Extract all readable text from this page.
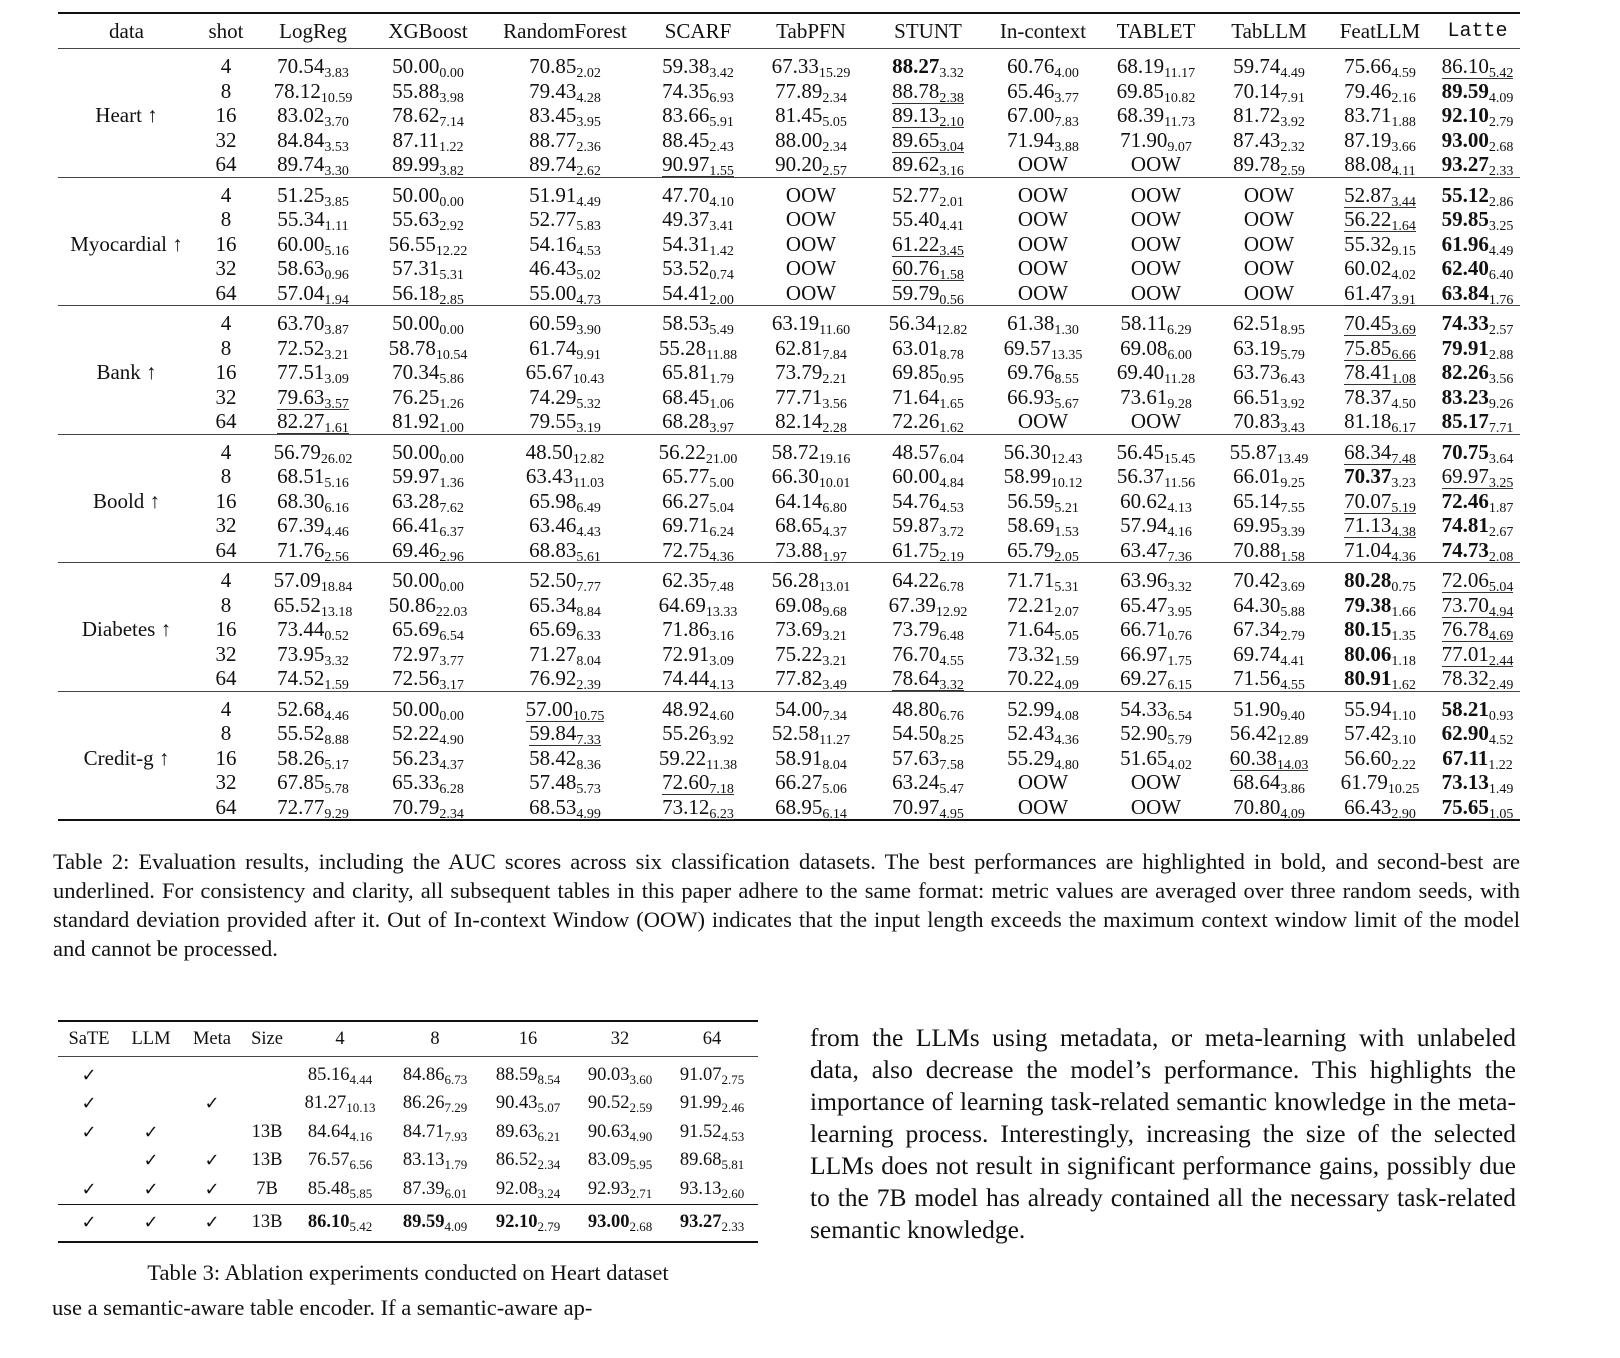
data	shot	LogReg	XGBoost	RandomForest	SCARF	TabPFN	STUNT	In-context	TABLET	TabLLM	FeatLLM	Latte
Heart ↑	4	$70.54_{3.83}$	$50.00_{0.00}$	$70.85_{2.02}$	$59.38_{3.42}$	$67.33_{15.29}$	$88.27_{3.32}$	$60.76_{4.00}$	$68.19_{11.17}$	$59.74_{4.49}$	$75.66_{4.59}$	$86.10_{5.42}$
	8	$78.12_{10.59}$	$55.88_{3.98}$	$79.43_{4.28}$	$74.35_{6.93}$	$77.89_{2.34}$	$88.78_{2.38}$	$65.46_{3.77}$	$69.85_{10.82}$	$70.14_{7.91}$	$79.46_{2.16}$	$89.59_{4.09}$
	16	$83.02_{3.70}$	$78.62_{7.14}$	$83.45_{3.95}$	$83.66_{5.91}$	$81.45_{5.05}$	$89.13_{2.10}$	$67.00_{7.83}$	$68.39_{11.73}$	$81.72_{3.92}$	$83.71_{1.88}$	$92.10_{2.79}$
	32	$84.84_{3.53}$	$87.11_{1.22}$	$88.77_{2.36}$	$88.45_{2.43}$	$88.00_{2.34}$	$89.65_{3.04}$	$71.94_{3.88}$	$71.90_{9.07}$	$87.43_{2.32}$	$87.19_{3.66}$	$93.00_{2.68}$
	64	$89.74_{3.30}$	$89.99_{3.82}$	$89.74_{2.62}$	$90.97_{1.55}$	$90.20_{2.57}$	$89.62_{3.16}$	OOW	OOW	$89.78_{2.59}$	$88.08_{4.11}$	$93.27_{2.33}$
Myocardial ↑	4	$51.25_{3.85}$	$50.00_{0.00}$	$51.91_{4.49}$	$47.70_{4.10}$	OOW	$52.77_{2.01}$	OOW	OOW	OOW	$52.87_{3.44}$	$55.12_{2.86}$
	8	$55.34_{1.11}$	$55.63_{2.92}$	$52.77_{5.83}$	$49.37_{3.41}$	OOW	$55.40_{4.41}$	OOW	OOW	OOW	$56.22_{1.64}$	$59.85_{3.25}$
	16	$60.00_{5.16}$	$56.55_{12.22}$	$54.16_{4.53}$	$54.31_{1.42}$	OOW	$61.22_{3.45}$	OOW	OOW	OOW	$55.32_{9.15}$	$61.96_{4.49}$
	32	$58.63_{0.96}$	$57.31_{5.31}$	$46.43_{5.02}$	$53.52_{0.74}$	OOW	$60.76_{1.58}$	OOW	OOW	OOW	$60.02_{4.02}$	$62.40_{6.40}$
	64	$57.04_{1.94}$	$56.18_{2.85}$	$55.00_{4.73}$	$54.41_{2.00}$	OOW	$59.79_{0.56}$	OOW	OOW	OOW	$61.47_{3.91}$	$63.84_{1.76}$
Bank ↑	4	$63.70_{3.87}$	$50.00_{0.00}$	$60.59_{3.90}$	$58.53_{5.49}$	$63.19_{11.60}$	$56.34_{12.82}$	$61.38_{1.30}$	$58.11_{6.29}$	$62.51_{8.95}$	$70.45_{3.69}$	$74.33_{2.57}$
	8	$72.52_{3.21}$	$58.78_{10.54}$	$61.74_{9.91}$	$55.28_{11.88}$	$62.81_{7.84}$	$63.01_{8.78}$	$69.57_{13.35}$	$69.08_{6.00}$	$63.19_{5.79}$	$75.85_{6.66}$	$79.91_{2.88}$
	16	$77.51_{3.09}$	$70.34_{5.86}$	$65.67_{10.43}$	$65.81_{1.79}$	$73.79_{2.21}$	$69.85_{0.95}$	$69.76_{8.55}$	$69.40_{11.28}$	$63.73_{6.43}$	$78.41_{1.08}$	$82.26_{3.56}$
	32	$79.63_{3.57}$	$76.25_{1.26}$	$74.29_{5.32}$	$68.45_{1.06}$	$77.71_{3.56}$	$71.64_{1.65}$	$66.93_{5.67}$	$73.61_{9.28}$	$66.51_{3.92}$	$78.37_{4.50}$	$83.23_{9.26}$
	64	$82.27_{1.61}$	$81.92_{1.00}$	$79.55_{3.19}$	$68.28_{3.97}$	$82.14_{2.28}$	$72.26_{1.62}$	OOW	OOW	$70.83_{3.43}$	$81.18_{6.17}$	$85.17_{7.71}$
Boold ↑	4	$56.79_{26.02}$	$50.00_{0.00}$	$48.50_{12.82}$	$56.22_{21.00}$	$58.72_{19.16}$	$48.57_{6.04}$	$56.30_{12.43}$	$56.45_{15.45}$	$55.87_{13.49}$	$68.34_{7.48}$	$70.75_{3.64}$
	8	$68.51_{5.16}$	$59.97_{1.36}$	$63.43_{11.03}$	$65.77_{5.00}$	$66.30_{10.01}$	$60.00_{4.84}$	$58.99_{10.12}$	$56.37_{11.56}$	$66.01_{9.25}$	$70.37_{3.23}$	$69.97_{3.25}$
	16	$68.30_{6.16}$	$63.28_{7.62}$	$65.98_{6.49}$	$66.27_{5.04}$	$64.14_{6.80}$	$54.76_{4.53}$	$56.59_{5.21}$	$60.62_{4.13}$	$65.14_{7.55}$	$70.07_{5.19}$	$72.46_{1.87}$
	32	$67.39_{4.46}$	$66.41_{6.37}$	$63.46_{4.43}$	$69.71_{6.24}$	$68.65_{4.37}$	$59.87_{3.72}$	$58.69_{1.53}$	$57.94_{4.16}$	$69.95_{3.39}$	$71.13_{4.38}$	$74.81_{2.67}$
	64	$71.76_{2.56}$	$69.46_{2.96}$	$68.83_{5.61}$	$72.75_{4.36}$	$73.88_{1.97}$	$61.75_{2.19}$	$65.79_{2.05}$	$63.47_{7.36}$	$70.88_{1.58}$	$71.04_{4.36}$	$74.73_{2.08}$
Diabetes ↑	4	$57.09_{18.84}$	$50.00_{0.00}$	$52.50_{7.77}$	$62.35_{7.48}$	$56.28_{13.01}$	$64.22_{6.78}$	$71.71_{5.31}$	$63.96_{3.32}$	$70.42_{3.69}$	$80.28_{0.75}$	$72.06_{5.04}$
	8	$65.52_{13.18}$	$50.86_{22.03}$	$65.34_{8.84}$	$64.69_{13.33}$	$69.08_{9.68}$	$67.39_{12.92}$	$72.21_{2.07}$	$65.47_{3.95}$	$64.30_{5.88}$	$79.38_{1.66}$	$73.70_{4.94}$
	16	$73.44_{0.52}$	$65.69_{6.54}$	$65.69_{6.33}$	$71.86_{3.16}$	$73.69_{3.21}$	$73.79_{6.48}$	$71.64_{5.05}$	$66.71_{0.76}$	$67.34_{2.79}$	$80.15_{1.35}$	$76.78_{4.69}$
	32	$73.95_{3.32}$	$72.97_{3.77}$	$71.27_{8.04}$	$72.91_{3.09}$	$75.22_{3.21}$	$76.70_{4.55}$	$73.32_{1.59}$	$66.97_{1.75}$	$69.74_{4.41}$	$80.06_{1.18}$	$77.01_{2.44}$
	64	$74.52_{1.59}$	$72.56_{3.17}$	$76.92_{2.39}$	$74.44_{4.13}$	$77.82_{3.49}$	$78.64_{3.32}$	$70.22_{4.09}$	$69.27_{6.15}$	$71.56_{4.55}$	$80.91_{1.62}$	$78.32_{2.49}$
Credit-g ↑	4	$52.68_{4.46}$	$50.00_{0.00}$	$57.00_{10.75}$	$48.92_{4.60}$	$54.00_{7.34}$	$48.80_{6.76}$	$52.99_{4.08}$	$54.33_{6.54}$	$51.90_{9.40}$	$55.94_{1.10}$	$58.21_{0.93}$
	8	$55.52_{8.88}$	$52.22_{4.90}$	$59.84_{7.33}$	$55.26_{3.92}$	$52.58_{11.27}$	$54.50_{8.25}$	$52.43_{4.36}$	$52.90_{5.79}$	$56.42_{12.89}$	$57.42_{3.10}$	$62.90_{4.52}$
	16	$58.26_{5.17}$	$56.23_{4.37}$	$58.42_{8.36}$	$59.22_{11.38}$	$58.91_{8.04}$	$57.63_{7.58}$	$55.29_{4.80}$	$51.65_{4.02}$	$60.38_{14.03}$	$56.60_{2.22}$	$67.11_{1.22}$
	32	$67.85_{5.78}$	$65.33_{6.28}$	$57.48_{5.73}$	$72.60_{7.18}$	$66.27_{5.06}$	$63.24_{5.47}$	OOW	OOW	$68.64_{3.86}$	$61.79_{10.25}$	$73.13_{1.49}$
	64	$72.77_{9.29}$	$70.79_{2.34}$	$68.53_{4.99}$	$73.12_{6.23}$	$68.95_{6.14}$	$70.97_{4.95}$	OOW	OOW	$70.80_{4.09}$	$66.43_{2.90}$	$75.65_{1.05}$
Table 2: Evaluation results, including the AUC scores across six classification datasets. The best performances are highlighted in bold, and second-best are underlined. For consistency and clarity, all subsequent tables in this paper adhere to the same format: metric values are averaged over three random seeds, with standard deviation provided after it. Out of In-context Window (OOW) indicates that the input length exceeds the maximum context window limit of the model and cannot be processed.
SaTE	LLM	Meta	Size	4	8	16	32	64
✓				$85.16_{4.44}$	$84.86_{6.73}$	$88.59_{8.54}$	$90.03_{3.60}$	$91.07_{2.75}$
✓		✓		$81.27_{10.13}$	$86.26_{7.29}$	$90.43_{5.07}$	$90.52_{2.59}$	$91.99_{2.46}$
✓	✓		13B	$84.64_{4.16}$	$84.71_{7.93}$	$89.63_{6.21}$	$90.63_{4.90}$	$91.52_{4.53}$
	✓	✓	13B	$76.57_{6.56}$	$83.13_{1.79}$	$86.52_{2.34}$	$83.09_{5.95}$	$89.68_{5.81}$
✓	✓	✓	7B	$85.48_{5.85}$	$87.39_{6.01}$	$92.08_{3.24}$	$92.93_{2.71}$	$93.13_{2.60}$
✓	✓	✓	13B	$86.10_{5.42}$	$89.59_{4.09}$	$92.10_{2.79}$	$93.00_{2.68}$	$93.27_{2.33}$
Table 3: Ablation experiments conducted on Heart dataset
use a semantic-aware table encoder. If a semantic-aware ap-
from the LLMs using metadata, or meta-learning with unlabeled data, also decrease the model’s performance. This highlights the importance of learning task-related semantic knowledge in the meta-learning process. Interestingly, increasing the size of the selected LLMs does not result in significant performance gains, possibly due to the 7B model has already contained all the necessary task-related semantic knowledge.
